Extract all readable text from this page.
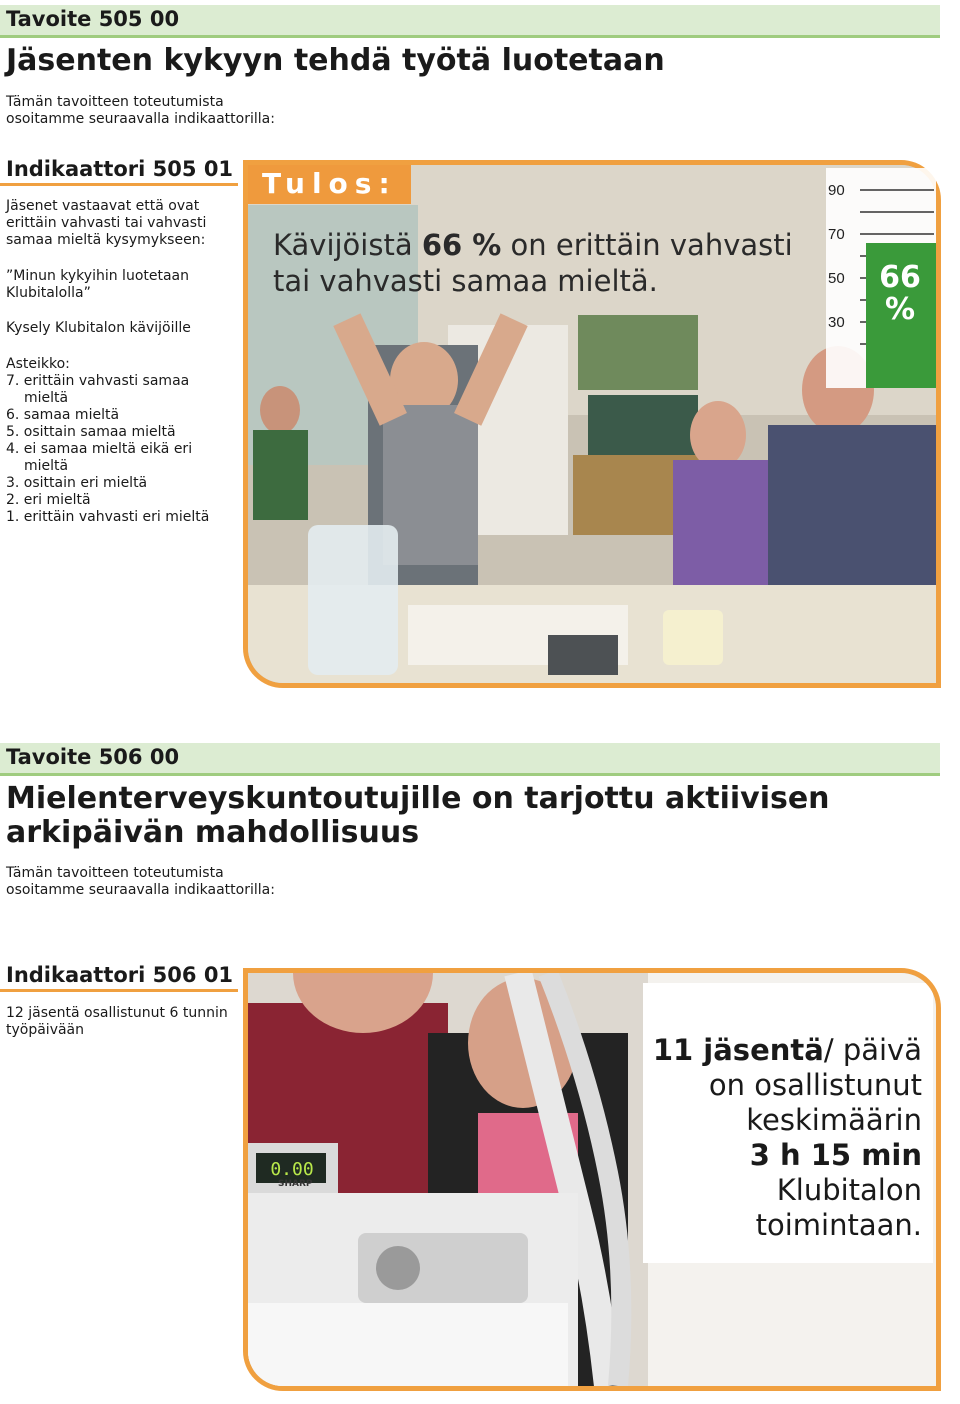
Tavoite 505 00
Jäsenten kykyyn tehdä työtä luotetaan
Tämän tavoitteen toteutumista
osoitamme seuraavalla indikaattorilla:
Indikaattori 505 01
Jäsenet vastaavat että ovat
erittäin vahvasti tai vahvasti
samaa mieltä kysymykseen:
”Minun kykyihin luotetaan
Klubitalolla”
Kysely Klubitalon kävijöille
Asteikko:
7. erittäin vahvasti samaa
mieltä
6. samaa mieltä
5. osittain samaa mieltä
4. ei samaa mieltä eikä eri
mieltä
3. osittain eri mieltä
2. eri mieltä
1. erittäin vahvasti eri mieltä
Tulos:
Kävijöistä 66 % on erittäin vahvasti
tai vahvasti samaa mieltä.
90
70
50
30
66
%
Tavoite 506 00
Mielenterveyskuntoutujille on tarjottu aktiivisen
arkipäivän mahdollisuus
Tämän tavoitteen toteutumista
osoitamme seuraavalla indikaattorilla:
Indikaattori 506 01
12 jäsentä osallistunut 6 tunnin
työpäivään
0.00
SHARP
11 jäsentä/ päivä
on osallistunut
keskimäärin
3 h 15 min
Klubitalon
toimintaan.
